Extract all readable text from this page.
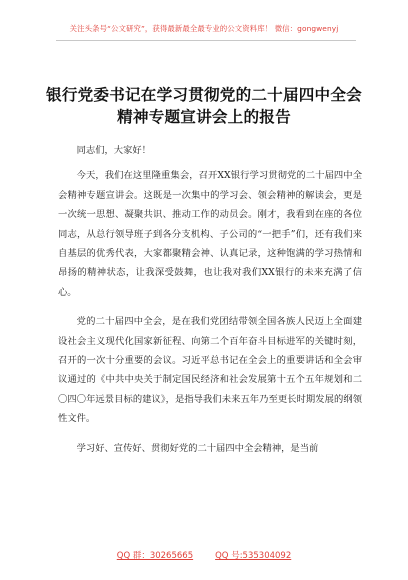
关注头条号“公文研究”，获得最新最全最专业的公文资料库！ 微信：gongwenyj
银行党委书记在学习贯彻党的二十届四中全会精神专题宣讲会上的报告

同志们，大家好！

今天，我们在这里隆重集会，召开XX银行学习贯彻党的二十届四中全会精神专题宣讲会。这既是一次集中的学习会、领会精神的解读会，更是一次统一思想、凝聚共识、推动工作的动员会。刚才，我看到在座的各位同志，从总行领导班子到各分支机构、子公司的“一把手”们，还有我们来自基层的优秀代表，大家都聚精会神、认真记录，这种饱满的学习热情和昂扬的精神状态，让我深受鼓舞，也让我对我们XX银行的未来充满了信心。

党的二十届四中全会，是在我们党团结带领全国各族人民迈上全面建设社会主义现代化国家新征程、向第二个百年奋斗目标进军的关键时刻，召开的一次十分重要的会议。习近平总书记在全会上的重要讲话和全会审议通过的《中共中央关于制定国民经济和社会发展第十五个五年规划和二〇四〇年远景目标的建议》，是指导我们未来五年乃至更长时期发展的纲领性文件。

学习好、宣传好、贯彻好党的二十届四中全会精神，是当前

QQ 群：30265665	QQ 号:535304092
